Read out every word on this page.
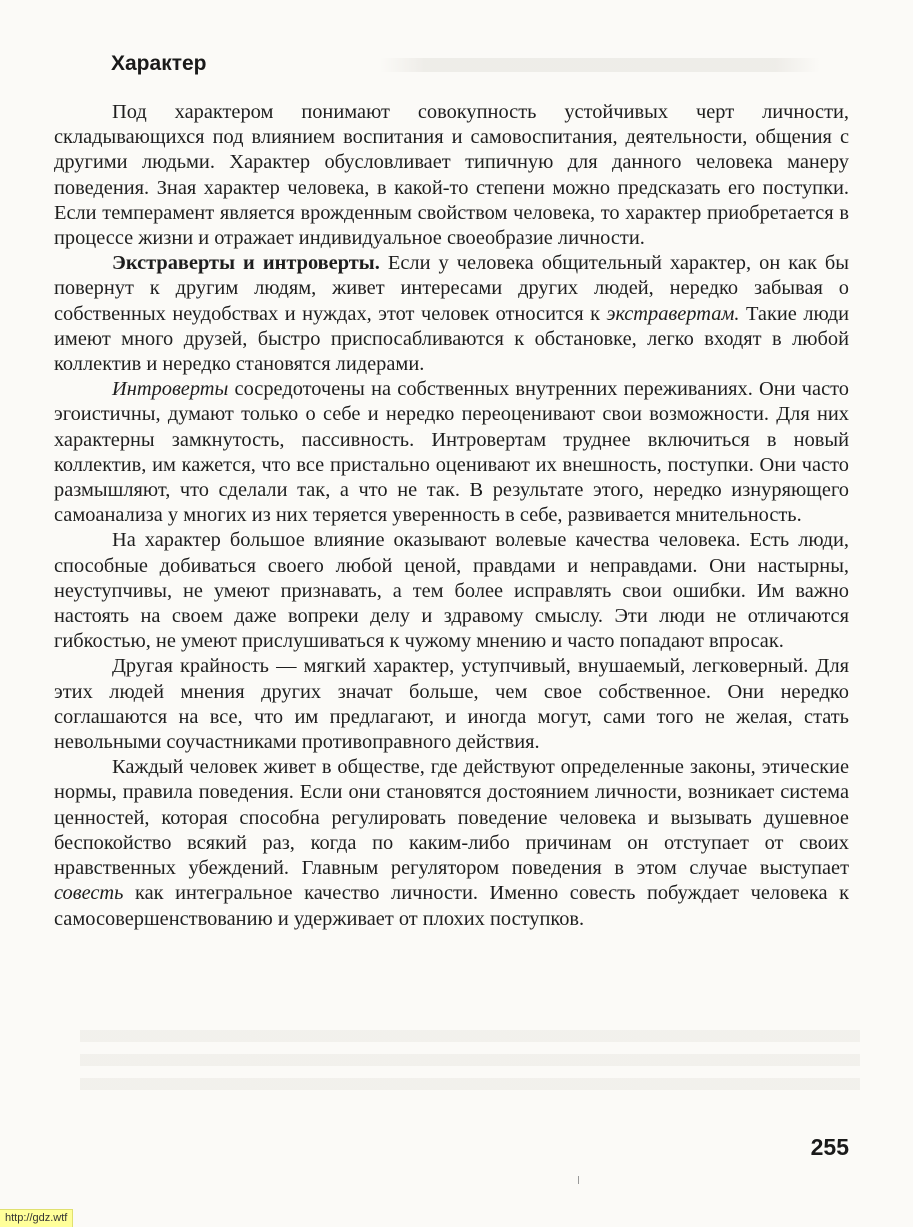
Характер

Под характером понимают совокупность устойчивых черт личности, складывающихся под влиянием воспитания и самовоспитания, деятельности, общения с другими людьми. Характер обусловливает типичную для данного человека манеру поведения. Зная характер человека, в какой-то степени можно предсказать его поступки. Если темперамент является врожденным свойством человека, то характер приобретается в процессе жизни и отражает индивидуальное своеобразие личности.

Экстраверты и интроверты. Если у человека общительный характер, он как бы повернут к другим людям, живет интересами других людей, нередко забывая о собственных неудобствах и нуждах, этот человек относится к экстравертам. Такие люди имеют много друзей, быстро приспосабливаются к обстановке, легко входят в любой коллектив и нередко становятся лидерами.

Интроверты сосредоточены на собственных внутренних переживаниях. Они часто эгоистичны, думают только о себе и нередко переоценивают свои возможности. Для них характерны замкнутость, пассивность. Интровертам труднее включиться в новый коллектив, им кажется, что все пристально оценивают их внешность, поступки. Они часто размышляют, что сделали так, а что не так. В результате этого, нередко изнуряющего самоанализа у многих из них теряется уверенность в себе, развивается мнительность.

На характер большое влияние оказывают волевые качества человека. Есть люди, способные добиваться своего любой ценой, правдами и неправдами. Они настырны, неуступчивы, не умеют признавать, а тем более исправлять свои ошибки. Им важно настоять на своем даже вопреки делу и здравому смыслу. Эти люди не отличаются гибкостью, не умеют прислушиваться к чужому мнению и часто попадают впросак.

Другая крайность — мягкий характер, уступчивый, внушаемый, легковерный. Для этих людей мнения других значат больше, чем свое собственное. Они нередко соглашаются на все, что им предлагают, и иногда могут, сами того не желая, стать невольными соучастниками противоправного действия.

Каждый человек живет в обществе, где действуют определенные законы, этические нормы, правила поведения. Если они становятся достоянием личности, возникает система ценностей, которая способна регулировать поведение человека и вызывать душевное беспокойство всякий раз, когда по каким-либо причинам он отступает от своих нравственных убеждений. Главным регулятором поведения в этом случае выступает совесть как интегральное качество личности. Именно совесть побуждает человека к самосовершенствованию и удерживает от плохих поступков.

255
http://gdz.wtf
